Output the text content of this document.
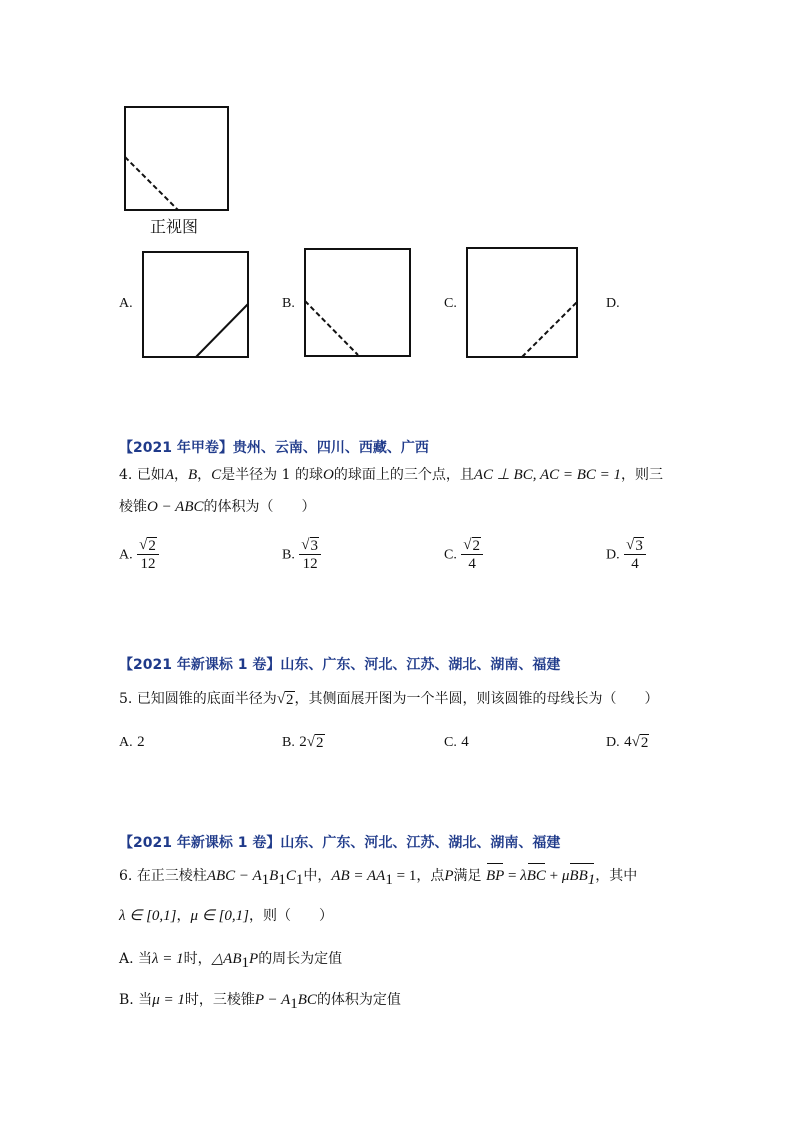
正视图
A.	B.	C.	D.
【2021 年甲卷】贵州、云南、四川、西藏、广西
4. 已如A，B，C是半径为 1 的球O的球面上的三个点，且AC ⊥ BC, AC = BC = 1，则三
棱锥O − ABC的体积为（　　）
A. $\frac{√ 2}{12}$	B. $\frac{√ 3}{12}$	C. $\frac{√ 2}{4}$	D. $\frac{√ 3}{4}$
【2021 年新课标 1 卷】山东、广东、河北、江苏、湖北、湖南、福建
5. 已知圆锥的底面半径为 √ 2 ，其侧面展开图为一个半圆，则该圆锥的母线长为（　　）
A. 2	B. 2 √ 2	C. 4	D. 4 √ 2
【2021 年新课标 1 卷】山东、广东、河北、江苏、湖北、湖南、福建
6. 在正三棱柱ABC − $A_1B_1C_1$中，AB = $AA_1 = 1$，点P满足 BP = λBC + μBB$_1$，其中
λ ∈ [0,1]，μ ∈ [0,1]，则（　　）
A. 当λ = 1时，$\triangle AB_1P$的周长为定值
B. 当μ = 1时，三棱锥$P - A_1BC$的体积为定值
